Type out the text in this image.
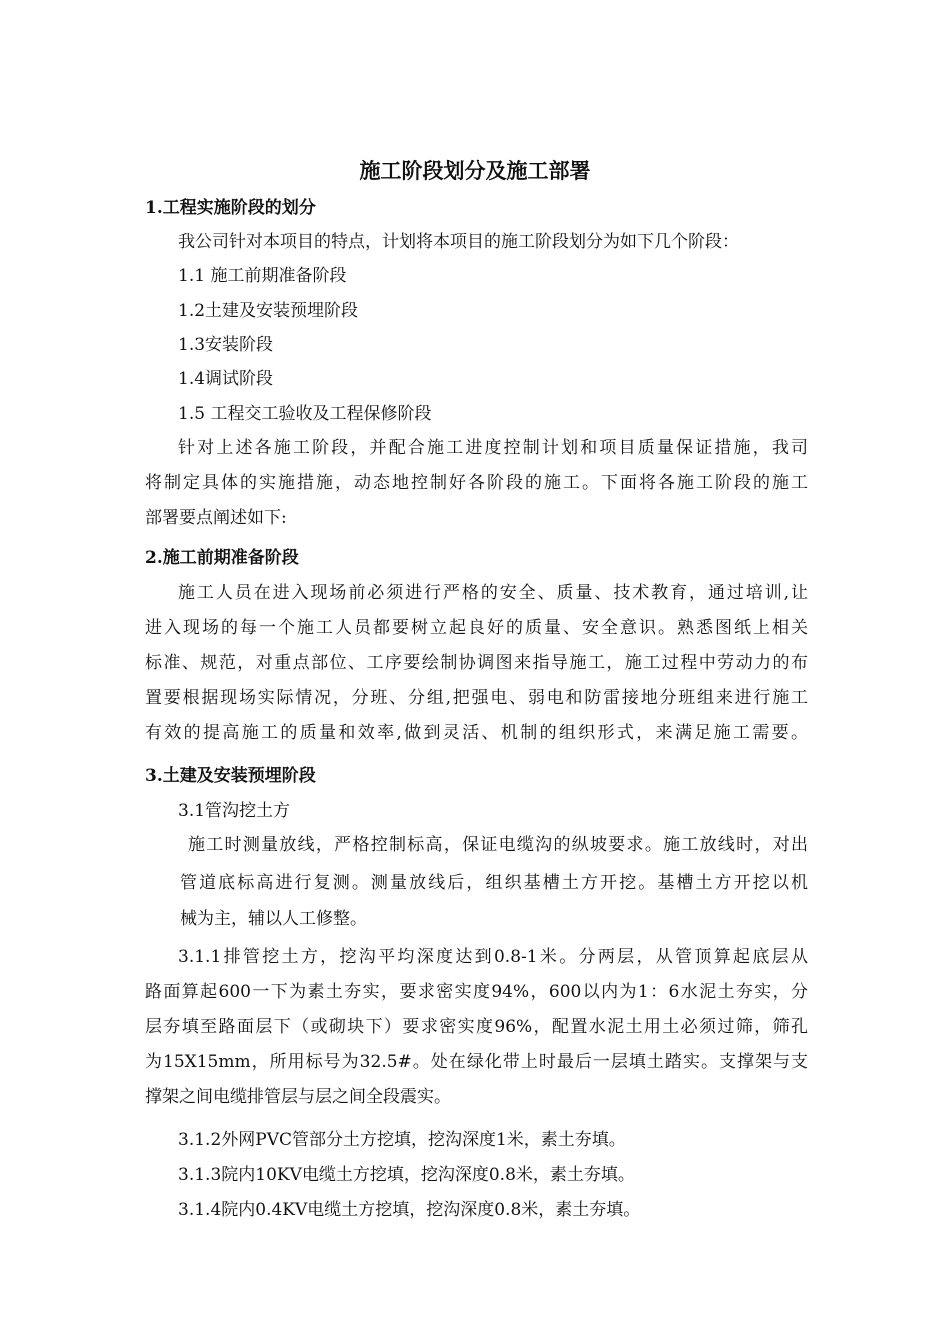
施工阶段划分及施工部署
1.工程实施阶段的划分
我公司针对本项目的特点，计划将本项目的施工阶段划分为如下几个阶段：
1.1 施工前期准备阶段
1.2土建及安装预埋阶段
1.3安装阶段
1.4调试阶段
1.5 工程交工验收及工程保修阶段
针对上述各施工阶段，并配合施工进度控制计划和项目质量保证措施，我司
将制定具体的实施措施，动态地控制好各阶段的施工。下面将各施工阶段的施工
部署要点阐述如下:
2.施工前期准备阶段
施工人员在进入现场前必须进行严格的安全、质量、技术教育，通过培训,让
进入现场的每一个施工人员都要树立起良好的质量、安全意识。熟悉图纸上相关
标准、规范，对重点部位、工序要绘制协调图来指导施工，施工过程中劳动力的布
置要根据现场实际情况，分班、分组,把强电、弱电和防雷接地分班组来进行施工
有效的提高施工的质量和效率,做到灵活、机制的组织形式，来满足施工需要。
3.土建及安装预埋阶段
3.1管沟挖土方
施工时测量放线，严格控制标高，保证电缆沟的纵坡要求。施工放线时，对出
管道底标高进行复测。测量放线后，组织基槽土方开挖。基槽土方开挖以机
械为主，辅以人工修整。
3.1.1排管挖土方，挖沟平均深度达到0.8-1米。分两层，从管顶算起底层从
路面算起600一下为素土夯实，要求密实度94%，600以内为1：6水泥土夯实，分
层夯填至路面层下（或砌块下）要求密实度96%，配置水泥土用土必须过筛，筛孔
为15X15mm，所用标号为32.5#。处在绿化带上时最后一层填土踏实。支撑架与支
撑架之间电缆排管层与层之间全段震实。
3.1.2外网PVC管部分土方挖填，挖沟深度1米，素土夯填。
3.1.3院内10KV电缆土方挖填，挖沟深度0.8米，素土夯填。
3.1.4院内0.4KV电缆土方挖填，挖沟深度0.8米，素土夯填。
